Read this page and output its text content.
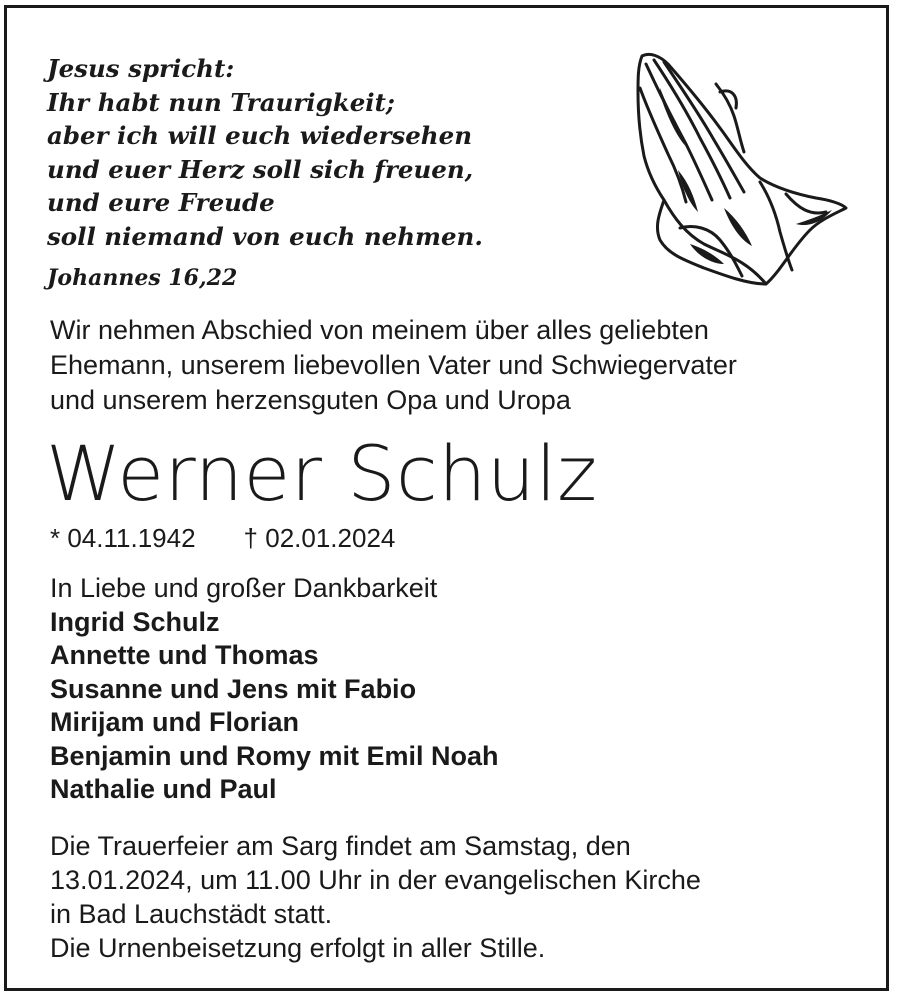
Jesus spricht:
Ihr habt nun Traurigkeit;
aber ich will euch wiedersehen
und euer Herz soll sich freuen,
und eure Freude
soll niemand von euch nehmen.
Johannes 16,22
Wir nehmen Abschied von meinem über alles geliebten
Ehemann, unserem liebevollen Vater und Schwiegervater
und unserem herzensguten Opa und Uropa
Werner Schulz
* 04.11.1942 † 02.01.2024
In Liebe und großer Dankbarkeit
Ingrid Schulz
Annette und Thomas
Susanne und Jens mit Fabio
Mirijam und Florian
Benjamin und Romy mit Emil Noah
Nathalie und Paul
Die Trauerfeier am Sarg findet am Samstag, den
13.01.2024, um 11.00 Uhr in der evangelischen Kirche
in Bad Lauchstädt statt.
Die Urnenbeisetzung erfolgt in aller Stille.
